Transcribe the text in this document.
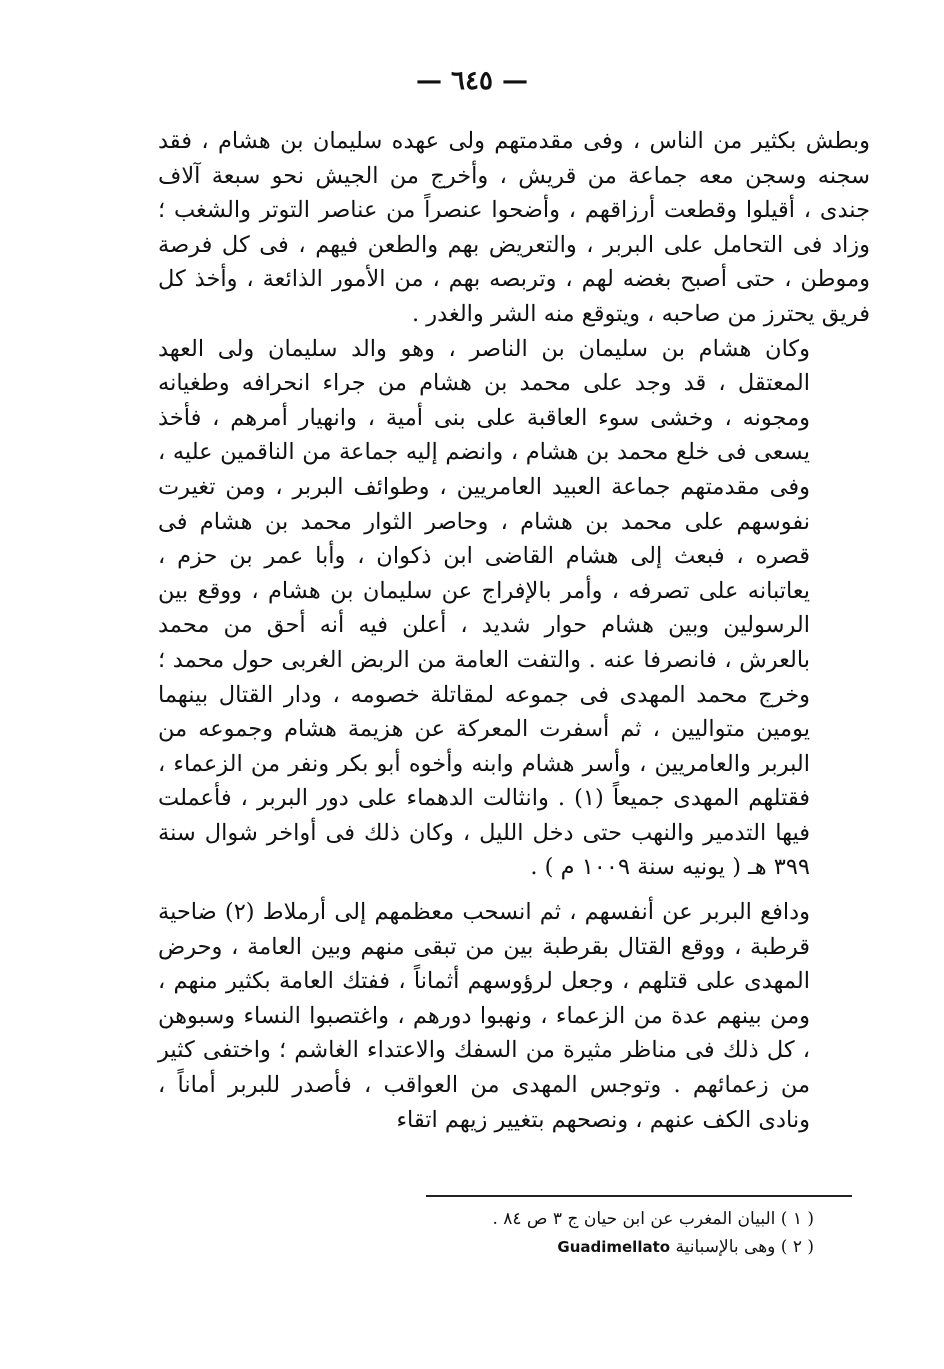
— ٦٤٥ —

وبطش بكثير من الناس ، وفى مقدمتهم ولى عهده سليمان بن هشام ، فقد سجنه وسجن معه جماعة من قريش ، وأخرج من الجيش نحو سبعة آلاف جندى ، أقيلوا وقطعت أرزاقهم ، وأضحوا عنصراً من عناصر التوتر والشغب ؛ وزاد فى التحامل على البربر ، والتعريض بهم والطعن فيهم ، فى كل فرصة وموطن ، حتى أصبح بغضه لهم ، وتربصه بهم ، من الأمور الذائعة ، وأخذ كل فريق يحترز من صاحبه ، ويتوقع منه الشر والغدر .

وكان هشام بن سليمان بن الناصر ، وهو والد سليمان ولى العهد المعتقل ، قد وجد على محمد بن هشام من جراء انحرافه وطغيانه ومجونه ، وخشى سوء العاقبة على بنى أمية ، وانهيار أمرهم ، فأخذ يسعى فى خلع محمد بن هشام ، وانضم إليه جماعة من الناقمين عليه ، وفى مقدمتهم جماعة العبيد العامريين ، وطوائف البربر ، ومن تغيرت نفوسهم على محمد بن هشام ، وحاصر الثوار محمد بن هشام فى قصره ، فبعث إلى هشام القاضى ابن ذكوان ، وأبا عمر بن حزم ، يعاتبانه على تصرفه ، وأمر بالإفراج عن سليمان بن هشام ، ووقع بين الرسولين وبين هشام حوار شديد ، أعلن فيه أنه أحق من محمد بالعرش ، فانصرفا عنه . والتفت العامة من الربض الغربى حول محمد ؛ وخرج محمد المهدى فى جموعه لمقاتلة خصومه ، ودار القتال بينهما يومين متواليين ، ثم أسفرت المعركة عن هزيمة هشام وجموعه من البربر والعامريين ، وأسر هشام وابنه وأخوه أبو بكر ونفر من الزعماء ، فقتلهم المهدى جميعاً (١) . وانثالت الدهماء على دور البربر ، فأعملت فيها التدمير والنهب حتى دخل الليل ، وكان ذلك فى أواخر شوال سنة ٣٩٩ هـ ( يونيه سنة ١٠٠٩ م ) .

ودافع البربر عن أنفسهم ، ثم انسحب معظمهم إلى أرملاط (٢) ضاحية قرطبة ، ووقع القتال بقرطبة بين من تبقى منهم وبين العامة ، وحرض المهدى على قتلهم ، وجعل لرؤوسهم أثماناً ، ففتك العامة بكثير منهم ، ومن بينهم عدة من الزعماء ، ونهبوا دورهم ، واغتصبوا النساء وسبوهن ، كل ذلك فى مناظر مثيرة من السفك والاعتداء الغاشم ؛ واختفى كثير من زعمائهم . وتوجس المهدى من العواقب ، فأصدر للبربر أماناً ، ونادى الكف عنهم ، ونصحهم بتغيير زيهم اتقاء

( ١ ) البيان المغرب عن ابن حيان ج ٣ ص ٨٤ .
( ٢ ) وهى بالإسبانية Guadimellato
